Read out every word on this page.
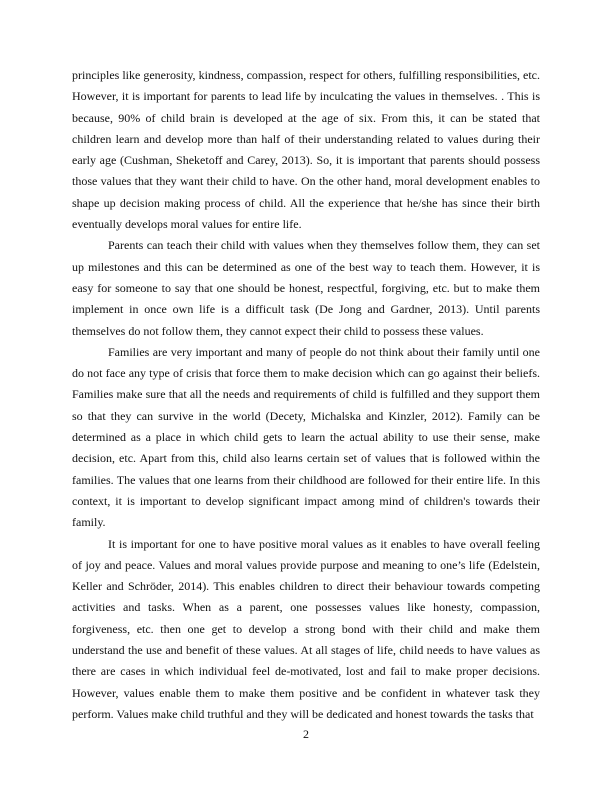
principles like generosity, kindness, compassion, respect for others, fulfilling responsibilities, etc. However, it is important for parents to lead life by inculcating the values in themselves. . This is because, 90% of child brain is developed at the age of six. From this, it can be stated that children learn and develop more than half of their understanding related to values during their early age (Cushman, Sheketoff and Carey, 2013). So, it is important that parents should possess those values that they want their child to have. On the other hand, moral development enables to shape up decision making process of child. All the experience that he/she has since their birth eventually develops moral values for entire life.

Parents can teach their child with values when they themselves follow them, they can set up milestones and this can be determined as one of the best way to teach them. However, it is easy for someone to say that one should be honest, respectful, forgiving, etc. but to make them implement in once own life is a difficult task (De Jong and Gardner, 2013). Until parents themselves do not follow them, they cannot expect their child to possess these values.

Families are very important and many of people do not think about their family until one do not face any type of crisis that force them to make decision which can go against their beliefs. Families make sure that all the needs and requirements of child is fulfilled and they support them so that they can survive in the world (Decety, Michalska and Kinzler, 2012). Family can be determined as a place in which child gets to learn the actual ability to use their sense, make decision, etc. Apart from this, child also learns certain set of values that is followed within the families. The values that one learns from their childhood are followed for their entire life. In this context, it is important to develop significant impact among mind of children's towards their family.

It is important for one to have positive moral values as it enables to have overall feeling of joy and peace. Values and moral values provide purpose and meaning to one’s life (Edelstein, Keller and Schröder, 2014). This enables children to direct their behaviour towards competing activities and tasks. When as a parent, one possesses values like honesty, compassion, forgiveness, etc. then one get to develop a strong bond with their child and make them understand the use and benefit of these values. At all stages of life, child needs to have values as there are cases in which individual feel de-motivated, lost and fail to make proper decisions. However, values enable them to make them positive and be confident in whatever task they perform. Values make child truthful and they will be dedicated and honest towards the tasks that

2
